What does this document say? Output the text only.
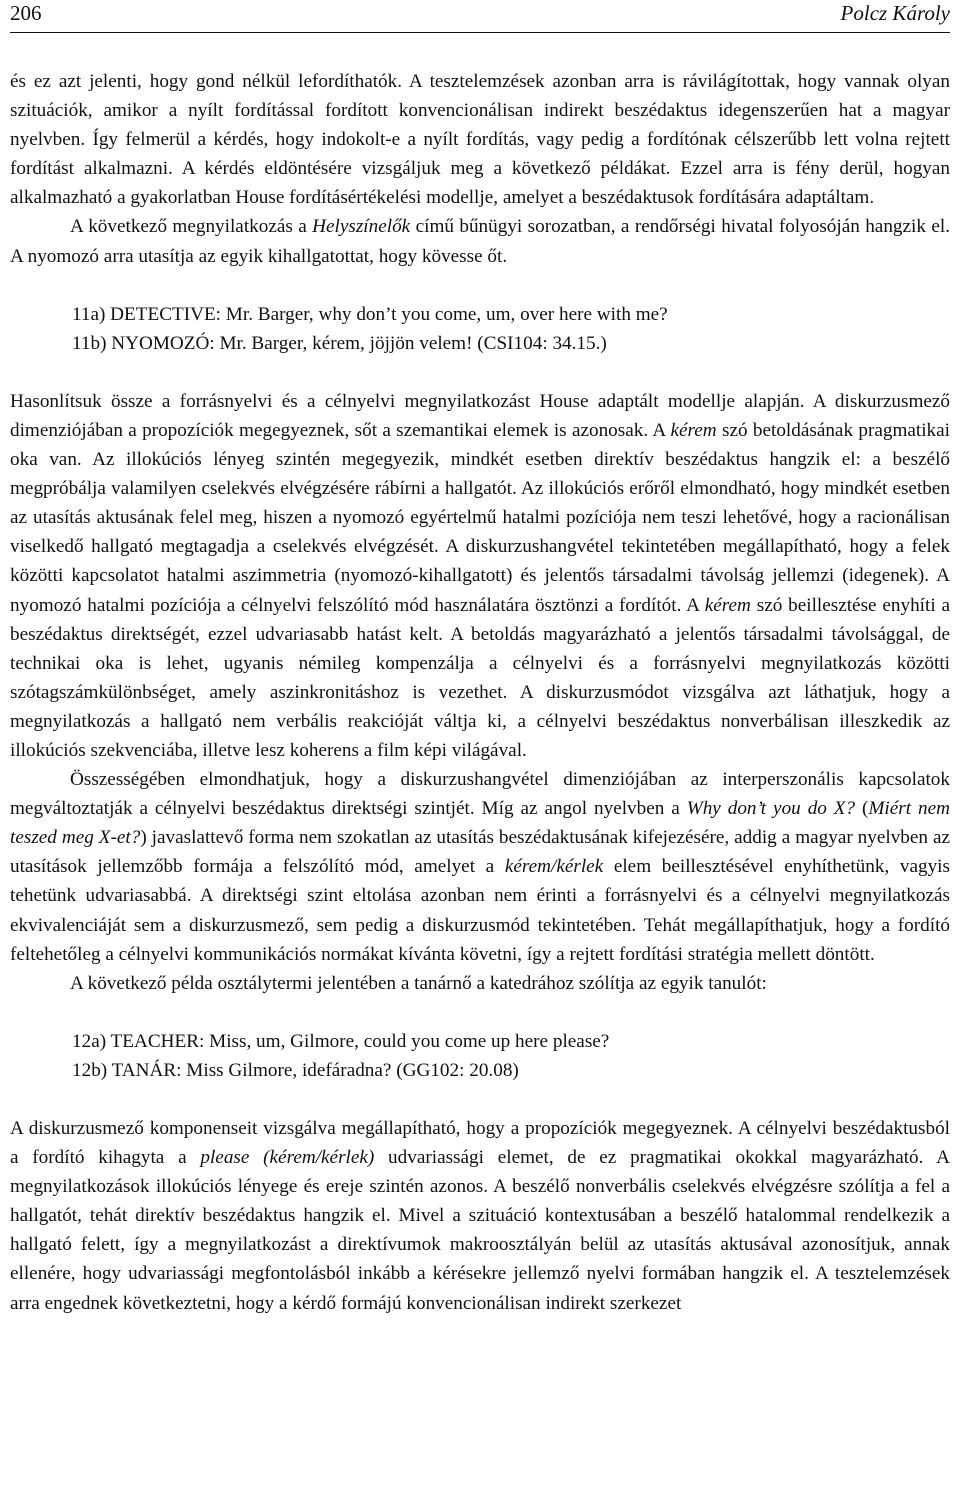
206	Polcz Károly

és ez azt jelenti, hogy gond nélkül lefordíthatók. A tesztelemzések azonban arra is rávilágítottak, hogy vannak olyan szituációk, amikor a nyílt fordítással fordított konvencionálisan indirekt beszédaktus idegenszerűen hat a magyar nyelvben. Így felmerül a kérdés, hogy indokolt-e a nyílt fordítás, vagy pedig a fordítónak célszerűbb lett volna rejtett fordítást alkalmazni. A kérdés eldöntésére vizsgáljuk meg a következő példákat. Ezzel arra is fény derül, hogyan alkalmazható a gyakorlatban House fordításértékelési modellje, amelyet a beszédaktusok fordítására adaptáltam.

A következő megnyilatkozás a Helyszínelők című bűnügyi sorozatban, a rendőrségi hivatal folyosóján hangzik el. A nyomozó arra utasítja az egyik kihallgatottat, hogy kövesse őt.

11a) DETECTIVE: Mr. Barger, why don’t you come, um, over here with me?

11b) NYOMOZÓ: Mr. Barger, kérem, jöjjön velem! (CSI104: 34.15.)

Hasonlítsuk össze a forrásnyelvi és a célnyelvi megnyilatkozást House adaptált modellje alapján. A diskurzusmező dimenziójában a propozíciók megegyeznek, sőt a szemantikai elemek is azonosak. A kérem szó betoldásának pragmatikai oka van. Az illokúciós lényeg szintén megegyezik, mindkét esetben direktív beszédaktus hangzik el: a beszélő megpróbálja valamilyen cselekvés elvégzésére rábírni a hallgatót. Az illokúciós erőről elmondható, hogy mindkét esetben az utasítás aktusának felel meg, hiszen a nyomozó egyértelmű hatalmi pozíciója nem teszi lehetővé, hogy a racionálisan viselkedő hallgató megtagadja a cselekvés elvégzését. A diskurzushangvétel tekintetében megállapítható, hogy a felek közötti kapcsolatot hatalmi aszimmetria (nyomozó-kihallgatott) és jelentős társadalmi távolság jellemzi (idegenek). A nyomozó hatalmi pozíciója a célnyelvi felszólító mód használatára ösztönzi a fordítót. A kérem szó beillesztése enyhíti a beszédaktus direktségét, ezzel udvariasabb hatást kelt. A betoldás magyarázható a jelentős társadalmi távolsággal, de technikai oka is lehet, ugyanis némileg kompenzálja a célnyelvi és a forrásnyelvi megnyilatkozás közötti szótagszámkülönbséget, amely aszinkronitáshoz is vezethet. A diskurzusmódot vizsgálva azt láthatjuk, hogy a megnyilatkozás a hallgató nem verbális reakcióját váltja ki, a célnyelvi beszédaktus nonverbálisan illeszkedik az illokúciós szekvenciába, illetve lesz koherens a film képi világával.

Összességében elmondhatjuk, hogy a diskurzushangvétel dimenziójában az interperszonális kapcsolatok megváltoztatják a célnyelvi beszédaktus direktségi szintjét. Míg az angol nyelvben a Why don’t you do X? (Miért nem teszed meg X-et?) javaslattevő forma nem szokatlan az utasítás beszédaktusának kifejezésére, addig a magyar nyelvben az utasítások jellemzőbb formája a felszólító mód, amelyet a kérem/kérlek elem beillesztésével enyhíthetünk, vagyis tehetünk udvariasabbá. A direktségi szint eltolása azonban nem érinti a forrásnyelvi és a célnyelvi megnyilatkozás ekvivalenciáját sem a diskurzusmező, sem pedig a diskurzusmód tekintetében. Tehát megállapíthatjuk, hogy a fordító feltehetőleg a célnyelvi kommunikációs normákat kívánta követni, így a rejtett fordítási stratégia mellett döntött.

A következő példa osztálytermi jelentében a tanárnő a katedrához szólítja az egyik tanulót:

12a) TEACHER: Miss, um, Gilmore, could you come up here please?

12b) TANÁR: Miss Gilmore, idefáradna? (GG102: 20.08)

A diskurzusmező komponenseit vizsgálva megállapítható, hogy a propozíciók megegyeznek. A célnyelvi beszédaktusból a fordító kihagyta a please (kérem/kérlek) udvariassági elemet, de ez pragmatikai okokkal magyarázható. A megnyilatkozások illokúciós lényege és ereje szintén azonos. A beszélő nonverbális cselekvés elvégzésre szólítja a fel a hallgatót, tehát direktív beszédaktus hangzik el. Mivel a szituáció kontextusában a beszélő hatalommal rendelkezik a hallgató felett, így a megnyilatkozást a direktívumok makroosztályán belül az utasítás aktusával azonosítjuk, annak ellenére, hogy udvariassági megfontolásból inkább a kérésekre jellemző nyelvi formában hangzik el. A tesztelemzések arra engednek következtetni, hogy a kérdő formájú konvencionálisan indirekt szerkezet
